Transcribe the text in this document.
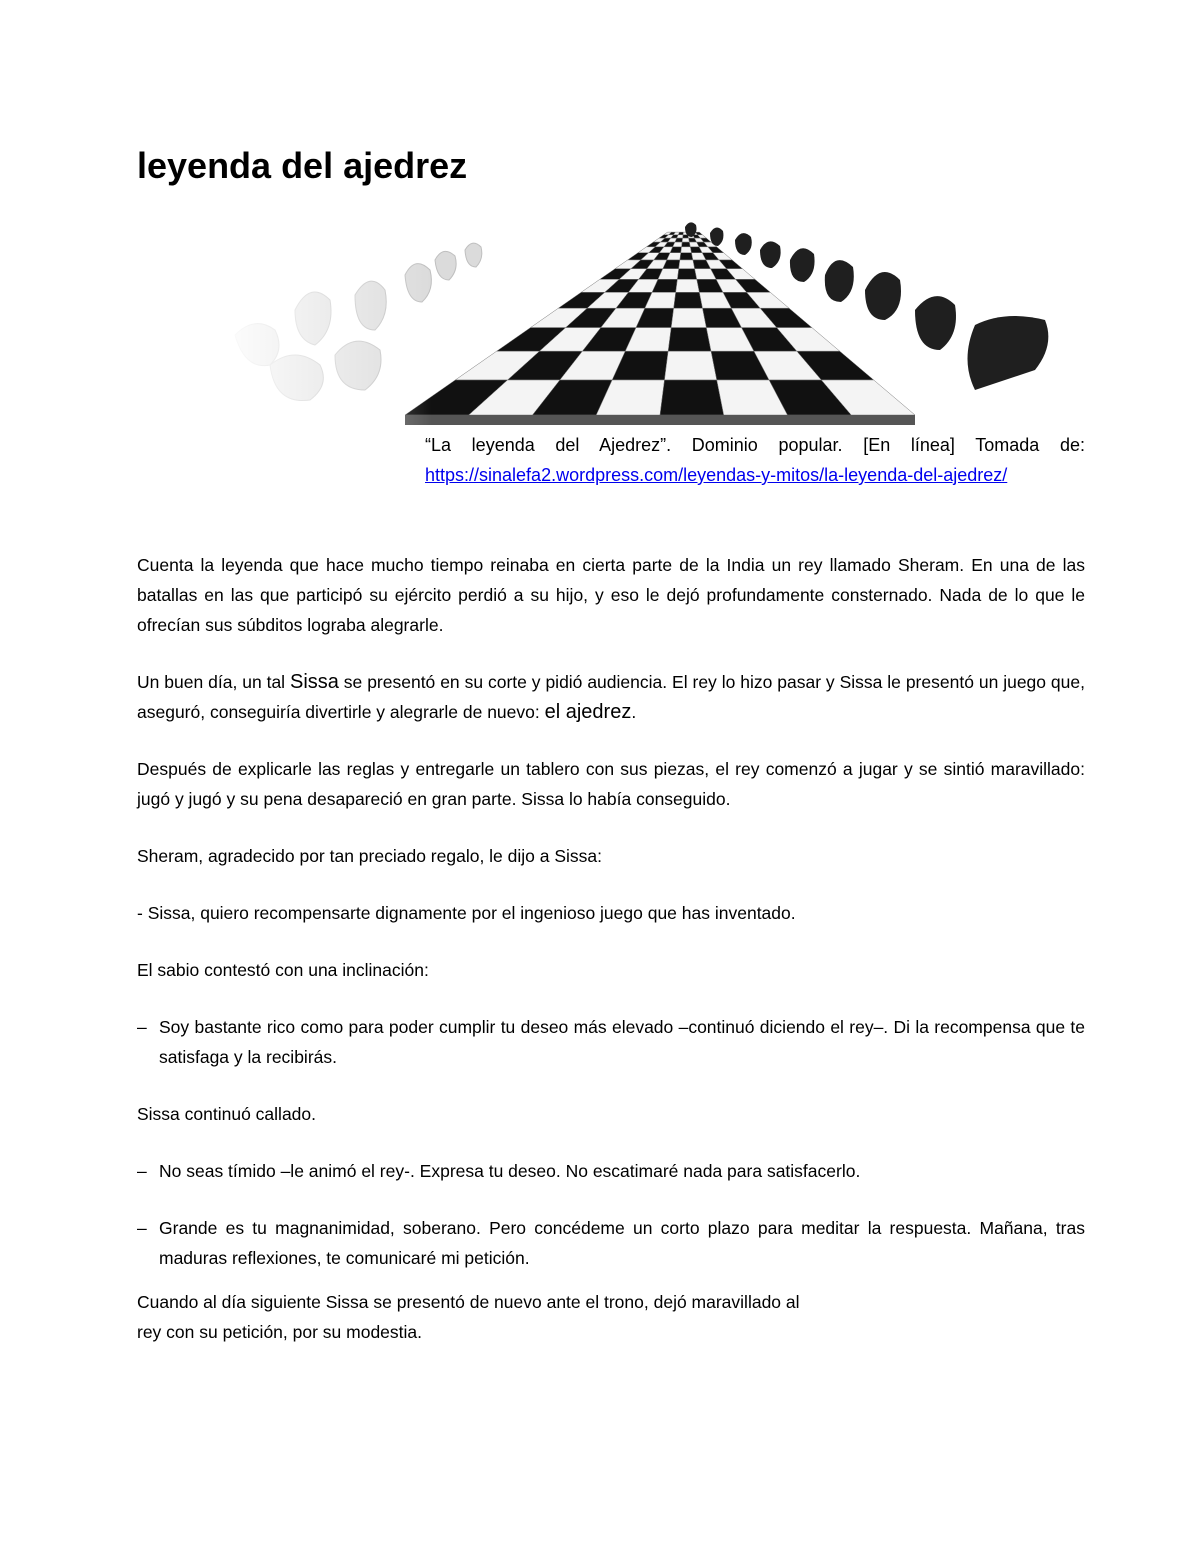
leyenda del ajedrez
“La leyenda del Ajedrez”. Dominio popular. [En línea] Tomada de:
https://sinalefa2.wordpress.com/leyendas-y-mitos/la-leyenda-del-ajedrez/

Cuenta la leyenda que hace mucho tiempo reinaba en cierta parte de la India un rey llamado Sheram. En una de las batallas en las que participó su ejército perdió a su hijo, y eso le dejó profundamente consternado. Nada de lo que le ofrecían sus súbditos lograba alegrarle.

Un buen día, un tal Sissa se presentó en su corte y pidió audiencia. El rey lo hizo pasar y Sissa le presentó un juego que, aseguró, conseguiría divertirle y alegrarle de nuevo: el ajedrez.

Después de explicarle las reglas y entregarle un tablero con sus piezas, el rey comenzó a jugar y se sintió maravillado: jugó y jugó y su pena desapareció en gran parte. Sissa lo había conseguido.

Sheram, agradecido por tan preciado regalo, le dijo a Sissa:

- Sissa, quiero recompensarte dignamente por el ingenioso juego que has inventado.

El sabio contestó con una inclinación:

– Soy bastante rico como para poder cumplir tu deseo más elevado –continuó diciendo el rey–. Di la recompensa que te satisfaga y la recibirás.

Sissa continuó callado.

– No seas tímido –le animó el rey-. Expresa tu deseo. No escatimaré nada para satisfacerlo.

– Grande es tu magnanimidad, soberano. Pero concédeme un corto plazo para meditar la respuesta. Mañana, tras maduras reflexiones, te comunicaré mi petición.

Cuando al día siguiente Sissa se presentó de nuevo ante el trono, dejó maravillado al
rey con su petición, por su modestia.
